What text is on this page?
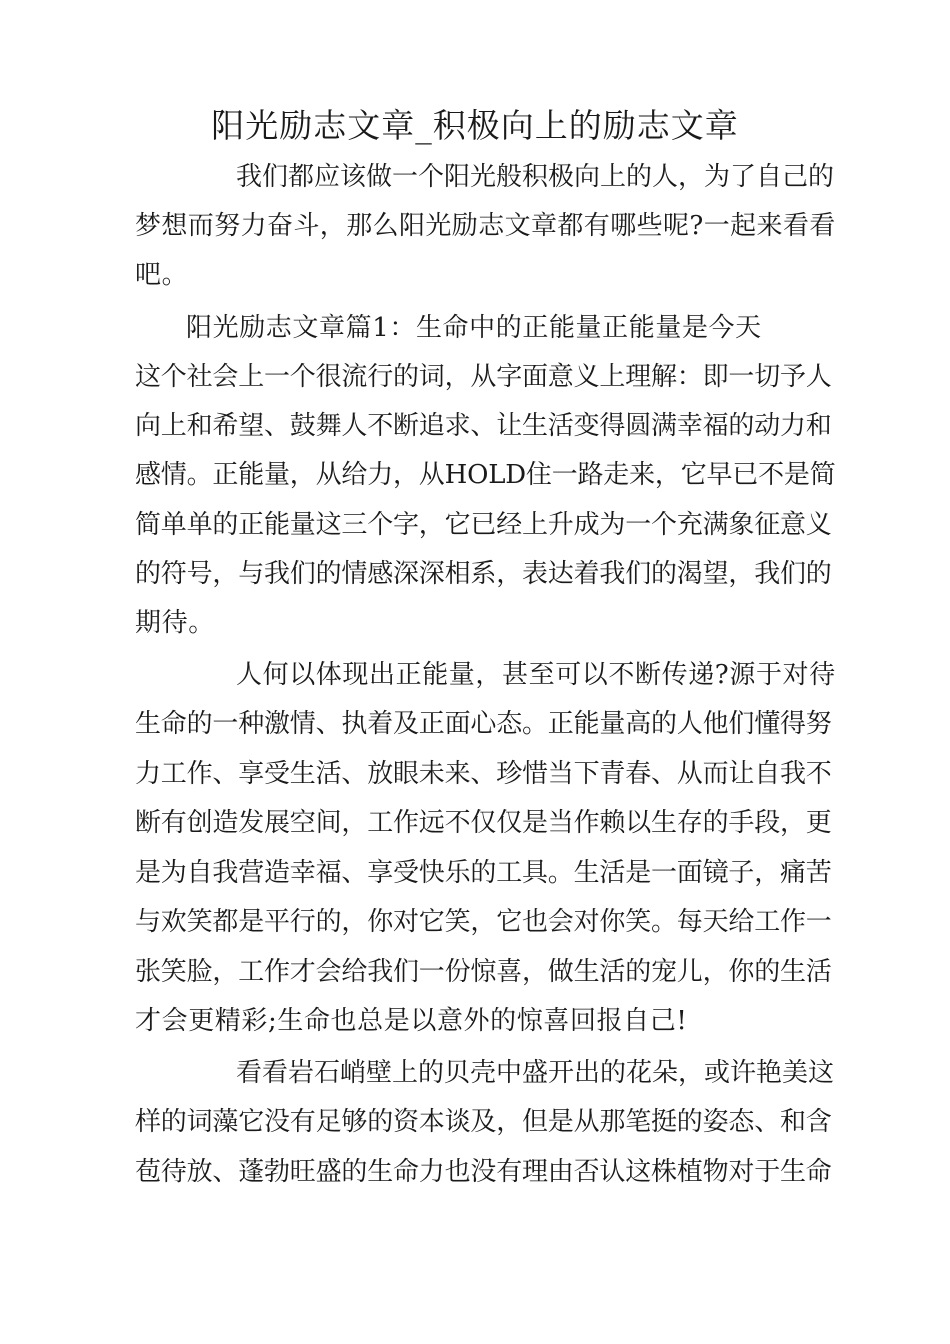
阳光励志文章_积极向上的励志文章
我们都应该做一个阳光般积极向上的人，为了自己的
梦想而努力奋斗，那么阳光励志文章都有哪些呢?一起来看看
吧。
阳光励志文章篇1：生命中的正能量正能量是今天
这个社会上一个很流行的词，从字面意义上理解：即一切予人
向上和希望、鼓舞人不断追求、让生活变得圆满幸福的动力和
感情。正能量，从给力，从HOLD住一路走来，它早已不是简
简单单的正能量这三个字，它已经上升成为一个充满象征意义
的符号，与我们的情感深深相系，表达着我们的渴望，我们的
期待。
人何以体现出正能量，甚至可以不断传递?源于对待
生命的一种激情、执着及正面心态。正能量高的人他们懂得努
力工作、享受生活、放眼未来、珍惜当下青春、从而让自我不
断有创造发展空间，工作远不仅仅是当作赖以生存的手段，更
是为自我营造幸福、享受快乐的工具。生活是一面镜子，痛苦
与欢笑都是平行的，你对它笑，它也会对你笑。每天给工作一
张笑脸，工作才会给我们一份惊喜，做生活的宠儿，你的生活
才会更精彩;生命也总是以意外的惊喜回报自己!
看看岩石峭壁上的贝壳中盛开出的花朵，或许艳美这
样的词藻它没有足够的资本谈及，但是从那笔挺的姿态、和含
苞待放、蓬勃旺盛的生命力也没有理由否认这株植物对于生命
